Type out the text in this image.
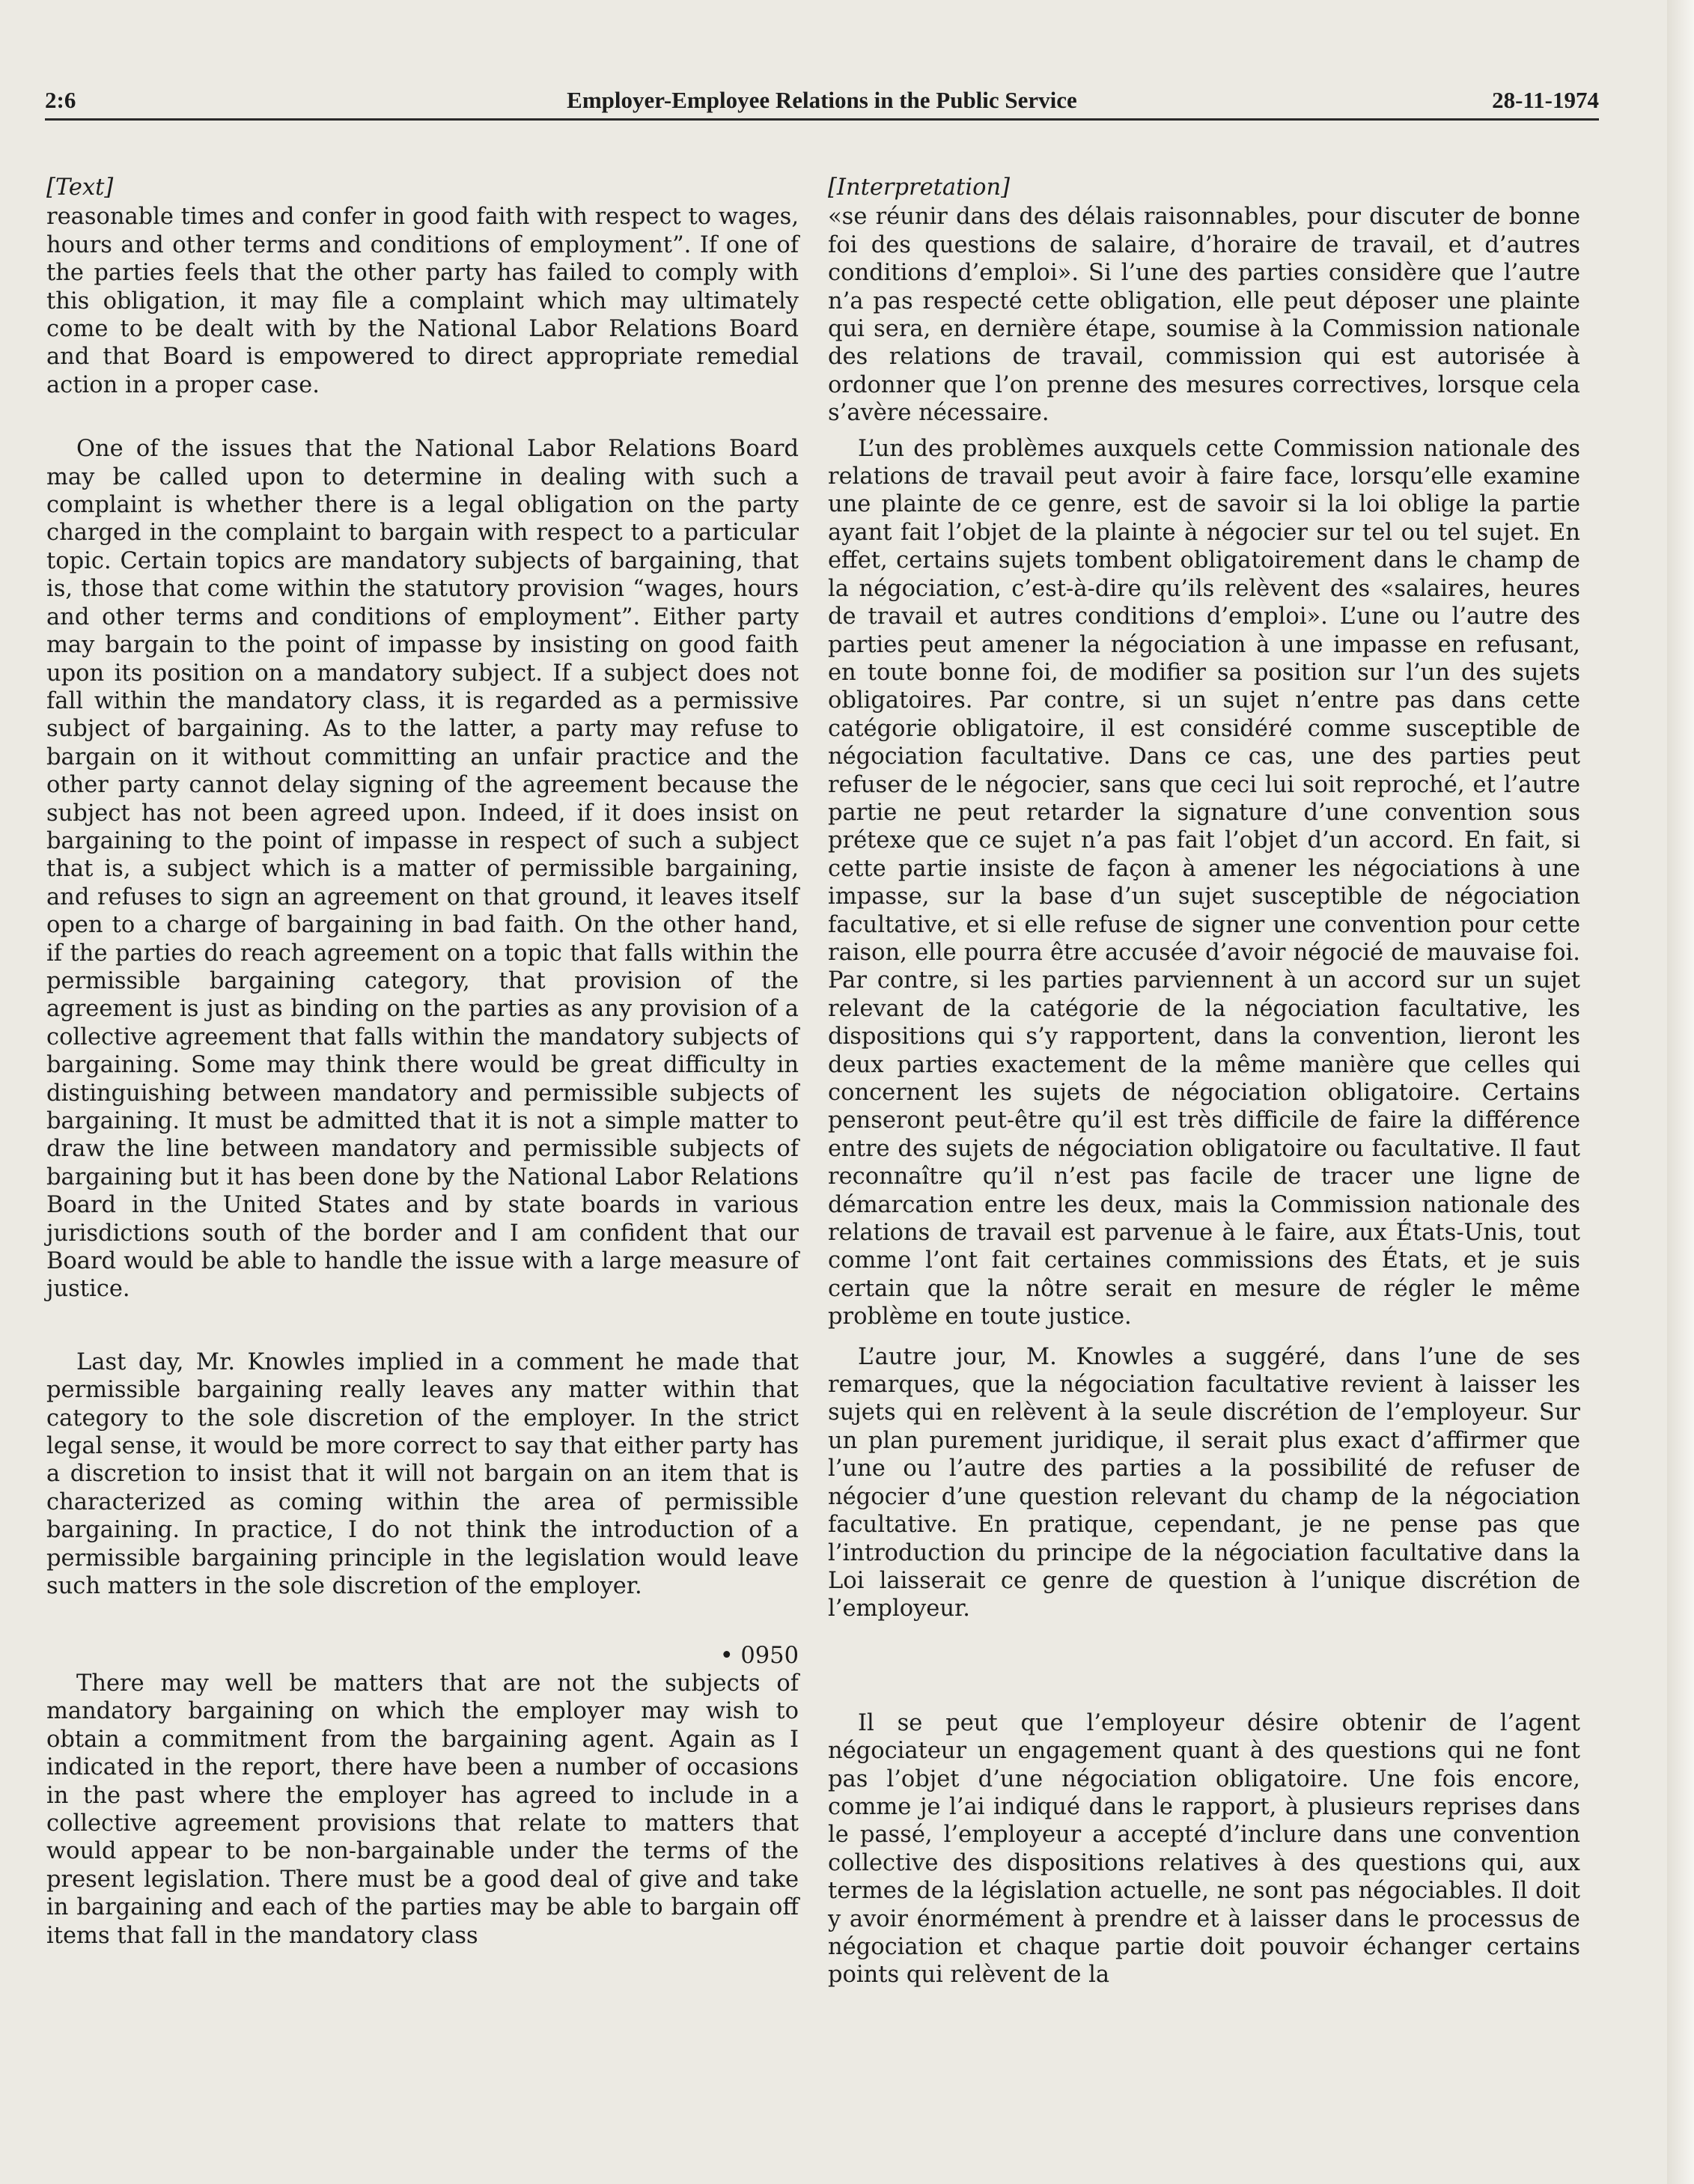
2:6	Employer-Employee Relations in the Public Service	28-11-1974
[Text]

reasonable times and confer in good faith with respect to wages, hours and other terms and conditions of employment”. If one of the parties feels that the other party has failed to comply with this obligation, it may file a complaint which may ultimately come to be dealt with by the National Labor Relations Board and that Board is empowered to direct appropriate remedial action in a proper case.

One of the issues that the National Labor Relations Board may be called upon to determine in dealing with such a complaint is whether there is a legal obligation on the party charged in the complaint to bargain with respect to a particular topic. Certain topics are mandatory subjects of bargaining, that is, those that come within the statutory provision “wages, hours and other terms and conditions of employment”. Either party may bargain to the point of impasse by insisting on good faith upon its position on a mandatory subject. If a subject does not fall within the mandatory class, it is regarded as a permissive subject of bargaining. As to the latter, a party may refuse to bargain on it without committing an unfair practice and the other party cannot delay signing of the agreement because the subject has not been agreed upon. Indeed, if it does insist on bargaining to the point of impasse in respect of such a subject that is, a subject which is a matter of permissible bargaining, and refuses to sign an agreement on that ground, it leaves itself open to a charge of bargaining in bad faith. On the other hand, if the parties do reach agreement on a topic that falls within the permissible bargaining category, that provision of the agreement is just as binding on the parties as any provision of a collective agreement that falls within the mandatory subjects of bargaining. Some may think there would be great difficulty in distinguishing between mandatory and permissible subjects of bargaining. It must be admitted that it is not a simple matter to draw the line between mandatory and permissible subjects of bargaining but it has been done by the National Labor Relations Board in the United States and by state boards in various jurisdictions south of the border and I am confident that our Board would be able to handle the issue with a large measure of justice.

Last day, Mr. Knowles implied in a comment he made that permissible bargaining really leaves any matter within that category to the sole discretion of the employer. In the strict legal sense, it would be more correct to say that either party has a discretion to insist that it will not bargain on an item that is characterized as coming within the area of permissible bargaining. In practice, I do not think the introduction of a permissible bargaining principle in the legislation would leave such matters in the sole discretion of the employer.

• 0950

There may well be matters that are not the subjects of mandatory bargaining on which the employer may wish to obtain a commitment from the bargaining agent. Again as I indicated in the report, there have been a number of occasions in the past where the employer has agreed to include in a collective agreement provisions that relate to matters that would appear to be non-bargainable under the terms of the present legislation. There must be a good deal of give and take in bargaining and each of the parties may be able to bargain off items that fall in the mandatory class

[Interpretation]

«se réunir dans des délais raisonnables, pour discuter de bonne foi des questions de salaire, d’horaire de travail, et d’autres conditions d’emploi». Si l’une des parties considère que l’autre n’a pas respecté cette obligation, elle peut déposer une plainte qui sera, en dernière étape, soumise à la Commission nationale des relations de travail, commission qui est autorisée à ordonner que l’on prenne des mesures correctives, lorsque cela s’avère nécessaire.

L’un des problèmes auxquels cette Commission nationale des relations de travail peut avoir à faire face, lorsqu’elle examine une plainte de ce genre, est de savoir si la loi oblige la partie ayant fait l’objet de la plainte à négocier sur tel ou tel sujet. En effet, certains sujets tombent obligatoirement dans le champ de la négociation, c’est-à-dire qu’ils relèvent des «salaires, heures de travail et autres conditions d’emploi». L’une ou l’autre des parties peut amener la négociation à une impasse en refusant, en toute bonne foi, de modifier sa position sur l’un des sujets obligatoires. Par contre, si un sujet n’entre pas dans cette catégorie obligatoire, il est considéré comme susceptible de négociation facultative. Dans ce cas, une des parties peut refuser de le négocier, sans que ceci lui soit reproché, et l’autre partie ne peut retarder la signature d’une convention sous prétexe que ce sujet n’a pas fait l’objet d’un accord. En fait, si cette partie insiste de façon à amener les négociations à une impasse, sur la base d’un sujet susceptible de négociation facultative, et si elle refuse de signer une convention pour cette raison, elle pourra être accusée d’avoir négocié de mauvaise foi. Par contre, si les parties parviennent à un accord sur un sujet relevant de la catégorie de la négociation facultative, les dispositions qui s’y rapportent, dans la convention, lieront les deux parties exactement de la même manière que celles qui concernent les sujets de négociation obligatoire. Certains penseront peut-être qu’il est très difficile de faire la différence entre des sujets de négociation obligatoire ou facultative. Il faut reconnaître qu’il n’est pas facile de tracer une ligne de démarcation entre les deux, mais la Commission nationale des relations de travail est parvenue à le faire, aux États-Unis, tout comme l’ont fait certaines commissions des États, et je suis certain que la nôtre serait en mesure de régler le même problème en toute justice.

L’autre jour, M. Knowles a suggéré, dans l’une de ses remarques, que la négociation facultative revient à laisser les sujets qui en relèvent à la seule discrétion de l’employeur. Sur un plan purement juridique, il serait plus exact d’affirmer que l’une ou l’autre des parties a la possibilité de refuser de négocier d’une question relevant du champ de la négociation facultative. En pratique, cependant, je ne pense pas que l’introduction du principe de la négociation facultative dans la Loi laisserait ce genre de question à l’unique discrétion de l’employeur.

Il se peut que l’employeur désire obtenir de l’agent négociateur un engagement quant à des questions qui ne font pas l’objet d’une négociation obligatoire. Une fois encore, comme je l’ai indiqué dans le rapport, à plusieurs reprises dans le passé, l’employeur a accepté d’inclure dans une convention collective des dispositions relatives à des questions qui, aux termes de la législation actuelle, ne sont pas négociables. Il doit y avoir énormément à prendre et à laisser dans le processus de négociation et chaque partie doit pouvoir échanger certains points qui relèvent de la
